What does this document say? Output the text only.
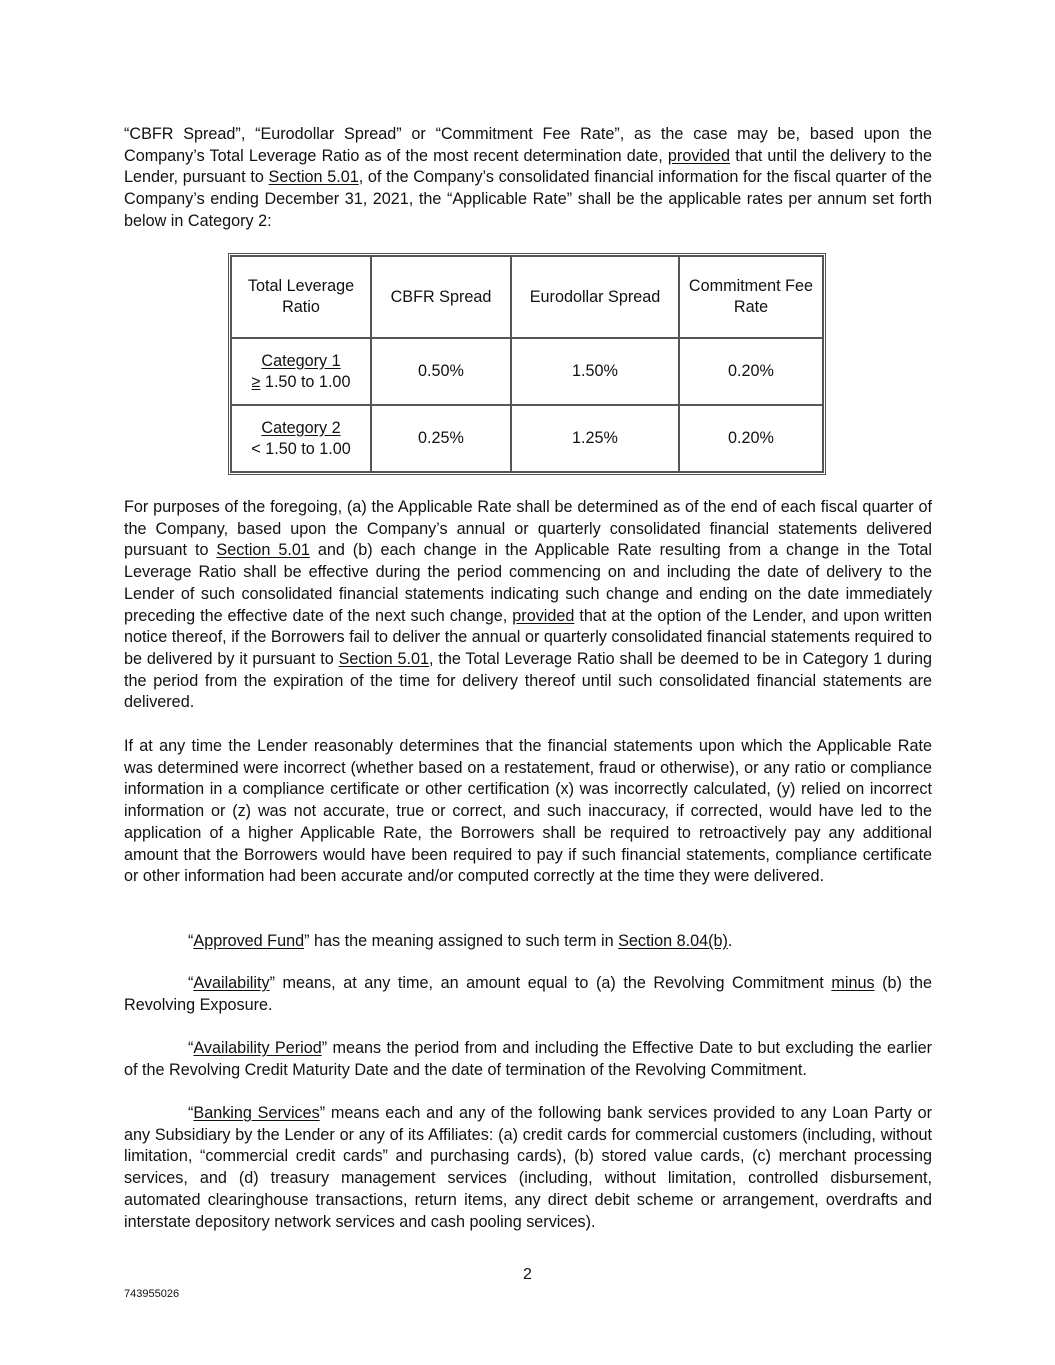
“CBFR Spread”, “Eurodollar Spread” or “Commitment Fee Rate”, as the case may be, based upon the Company’s Total Leverage Ratio as of the most recent determination date, provided that until the delivery to the Lender, pursuant to Section 5.01, of the Company’s consolidated financial information for the fiscal quarter of the Company’s ending December 31, 2021, the “Applicable Rate” shall be the applicable rates per annum set forth below in Category 2:

Total Leverage Ratio	CBFR Spread	Eurodollar Spread	Commitment Fee Rate
Category 1
≥ 1.50 to 1.00	0.50%	1.50%	0.20%
Category 2
< 1.50 to 1.00	0.25%	1.25%	0.20%

For purposes of the foregoing, (a) the Applicable Rate shall be determined as of the end of each fiscal quarter of the Company, based upon the Company’s annual or quarterly consolidated financial statements delivered pursuant to Section 5.01 and (b) each change in the Applicable Rate resulting from a change in the Total Leverage Ratio shall be effective during the period commencing on and including the date of delivery to the Lender of such consolidated financial statements indicating such change and ending on the date immediately preceding the effective date of the next such change, provided that at the option of the Lender, and upon written notice thereof, if the Borrowers fail to deliver the annual or quarterly consolidated financial statements required to be delivered by it pursuant to Section 5.01, the Total Leverage Ratio shall be deemed to be in Category 1 during the period from the expiration of the time for delivery thereof until such consolidated financial statements are delivered.

If at any time the Lender reasonably determines that the financial statements upon which the Applicable Rate was determined were incorrect (whether based on a restatement, fraud or otherwise), or any ratio or compliance information in a compliance certificate or other certification (x) was incorrectly calculated, (y) relied on incorrect information or (z) was not accurate, true or correct, and such inaccuracy, if corrected, would have led to the application of a higher Applicable Rate, the Borrowers shall be required to retroactively pay any additional amount that the Borrowers would have been required to pay if such financial statements, compliance certificate or other information had been accurate and/or computed correctly at the time they were delivered.

“Approved Fund” has the meaning assigned to such term in Section 8.04(b).

“Availability” means, at any time, an amount equal to (a) the Revolving Commitment minus (b) the Revolving Exposure.

“Availability Period” means the period from and including the Effective Date to but excluding the earlier of the Revolving Credit Maturity Date and the date of termination of the Revolving Commitment.

“Banking Services” means each and any of the following bank services provided to any Loan Party or any Subsidiary by the Lender or any of its Affiliates: (a) credit cards for commercial customers (including, without limitation, “commercial credit cards” and purchasing cards), (b) stored value cards, (c) merchant processing services, and (d) treasury management services (including, without limitation, controlled disbursement, automated clearinghouse transactions, return items, any direct debit scheme or arrangement, overdrafts and interstate depository network services and cash pooling services).

2
743955026
